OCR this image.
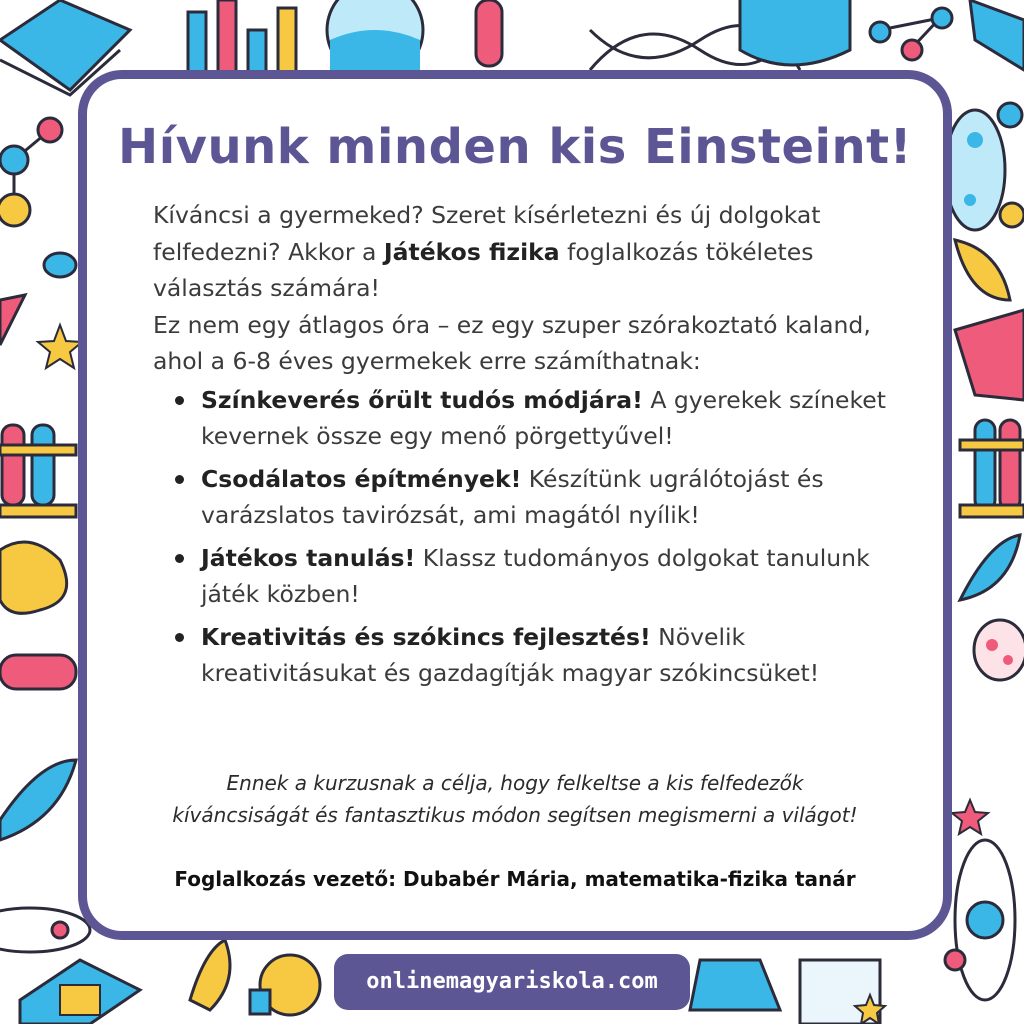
Hívunk minden kis Einsteint!

Kíváncsi a gyermeked? Szeret kísérletezni és új dolgokat felfedezni? Akkor a Játékos fizika foglalkozás tökéletes választás számára!

Ez nem egy átlagos óra – ez egy szuper szórakoztató kaland, ahol a 6-8 éves gyermekek erre számíthatnak:

Színkeverés őrült tudós módjára! A gyerekek színeket kevernek össze egy menő pörgettyűvel!
Csodálatos építmények! Készítünk ugrálótojást és varázslatos tavirózsát, ami magától nyílik!
Játékos tanulás! Klassz tudományos dolgokat tanulunk játék közben!
Kreativitás és szókincs fejlesztés! Növelik kreativitásukat és gazdagítják magyar szókincsüket!
Ennek a kurzusnak a célja, hogy felkeltse a kis felfedezők
kíváncsiságát és fantasztikus módon segítsen megismerni a világot!
Foglalkozás vezető: Dubabér Mária, matematika-fizika tanár
onlinemagyariskola.com
